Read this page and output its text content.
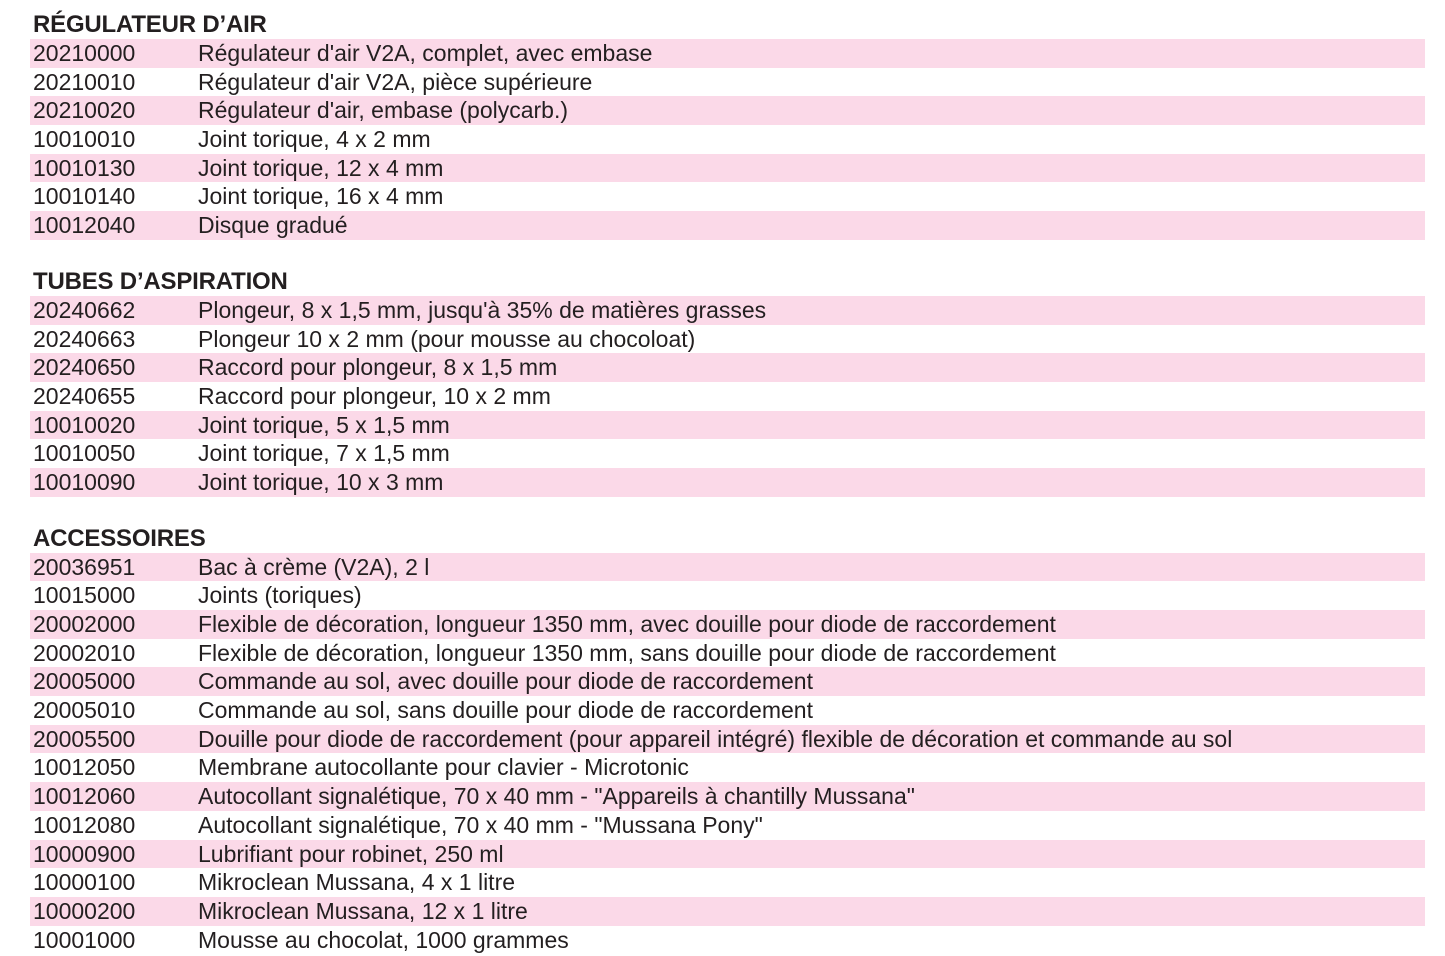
RÉGULATEUR D’AIR
20210000	Régulateur d'air V2A, complet, avec embase
20210010	Régulateur d'air V2A, pièce supérieure
20210020	Régulateur d'air, embase (polycarb.)
10010010	Joint torique, 4 x 2 mm
10010130	Joint torique, 12 x 4 mm
10010140	Joint torique, 16 x 4 mm
10012040	Disque gradué
TUBES D’ASPIRATION
20240662	Plongeur, 8 x 1,5 mm, jusqu'à 35% de matières grasses
20240663	Plongeur 10 x 2 mm (pour mousse au chocoloat)
20240650	Raccord pour plongeur, 8 x 1,5 mm
20240655	Raccord pour plongeur, 10 x 2 mm
10010020	Joint torique, 5 x 1,5 mm
10010050	Joint torique, 7 x 1,5 mm
10010090	Joint torique, 10 x 3 mm
ACCESSOIRES
20036951	Bac à crème (V2A), 2 l
10015000	Joints (toriques)
20002000	Flexible de décoration, longueur 1350 mm, avec douille pour diode de raccordement
20002010	Flexible de décoration, longueur 1350 mm, sans douille pour diode de raccordement
20005000	Commande au sol, avec douille pour diode de raccordement
20005010	Commande au sol, sans douille pour diode de raccordement
20005500	Douille pour diode de raccordement (pour appareil intégré) flexible de décoration et commande au sol
10012050	Membrane autocollante pour clavier - Microtonic
10012060	Autocollant signalétique, 70 x 40 mm - "Appareils à chantilly Mussana"
10012080	Autocollant signalétique, 70 x 40 mm - "Mussana Pony"
10000900	Lubrifiant pour robinet, 250 ml
10000100	Mikroclean Mussana, 4 x 1 litre
10000200	Mikroclean Mussana, 12 x 1 litre
10001000	Mousse au chocolat, 1000 grammes
